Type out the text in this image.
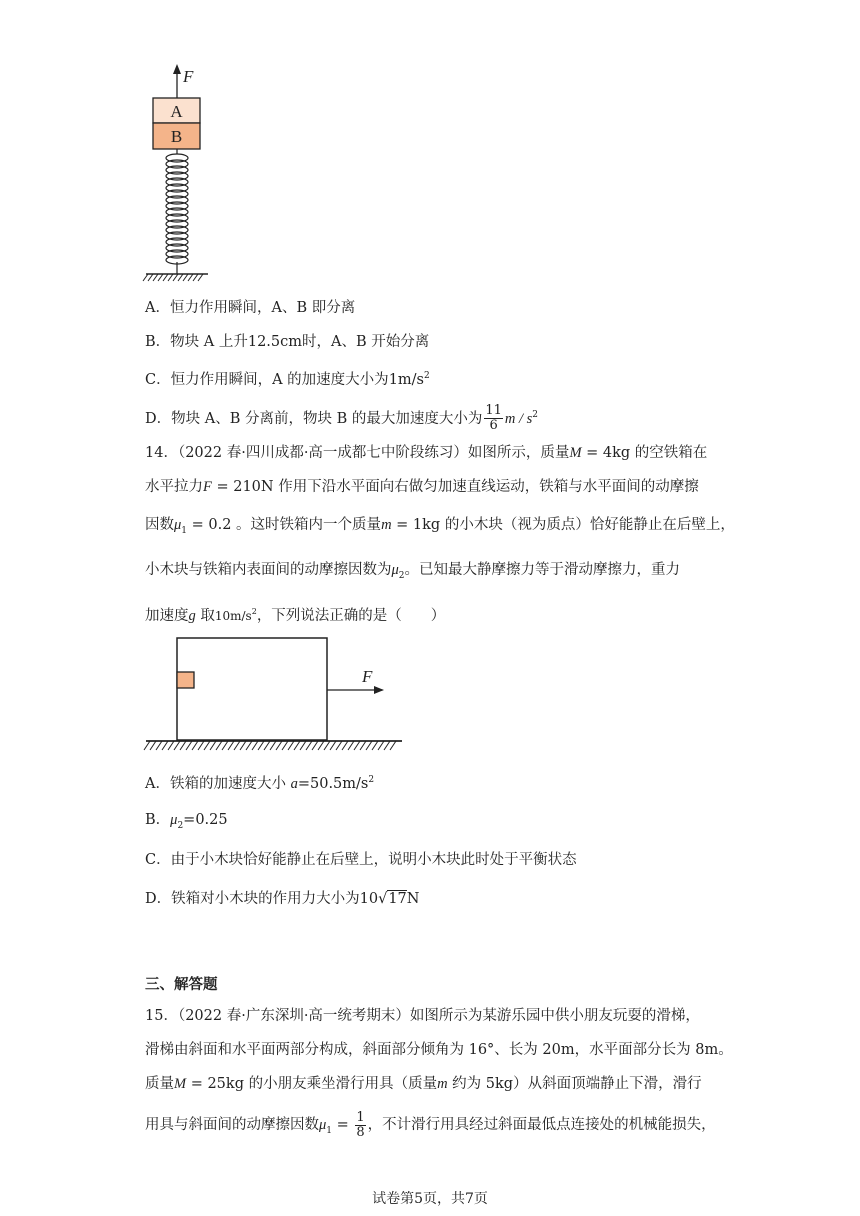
F
A
B
A．恒力作用瞬间，A、B 即分离
B．物块 A 上升12.5cm时，A、B 开始分离
C．恒力作用瞬间，A 的加速度大小为$1m/s^2$
D．物块 A、B 分离前，物块 B 的最大加速度大小为 $\frac{11}{6}$ m / $s^2$
14．（2022 春·四川成都·高一成都七中阶段练习）如图所示，质量M = 4kg 的空铁箱在
水平拉力F = 210N 作用下沿水平面向右做匀加速直线运动，铁箱与水平面间的动摩擦
因数$\mu_1 = 0.2$ 。这时铁箱内一个质量m = 1kg 的小木块（视为质点）恰好能静止在后壁上，
小木块与铁箱内表面间的动摩擦因数为$\mu_2$。已知最大静摩擦力等于滑动摩擦力，重力
加速度g 取$10m/s^2$，下列说法正确的是（　　）
F
A．铁箱的加速度大小 $a=50.5m/s^2$
B．$\mu_2=0.25$
C．由于小木块恰好能静止在后壁上，说明小木块此时处于平衡状态
D．铁箱对小木块的作用力大小为10√17N
三、解答题
15．（2022 春·广东深圳·高一统考期末）如图所示为某游乐园中供小朋友玩耍的滑梯，
滑梯由斜面和水平面两部分构成，斜面部分倾角为 16°、长为 20m，水平面部分长为 8m。
质量M = 25kg 的小朋友乘坐滑行用具（质量m 约为 5kg）从斜面顶端静止下滑，滑行
用具与斜面间的动摩擦因数$\mu_1 = \frac{1}{8}$ ，不计滑行用具经过斜面最低点连接处的机械能损失，
试卷第5页，共7页
